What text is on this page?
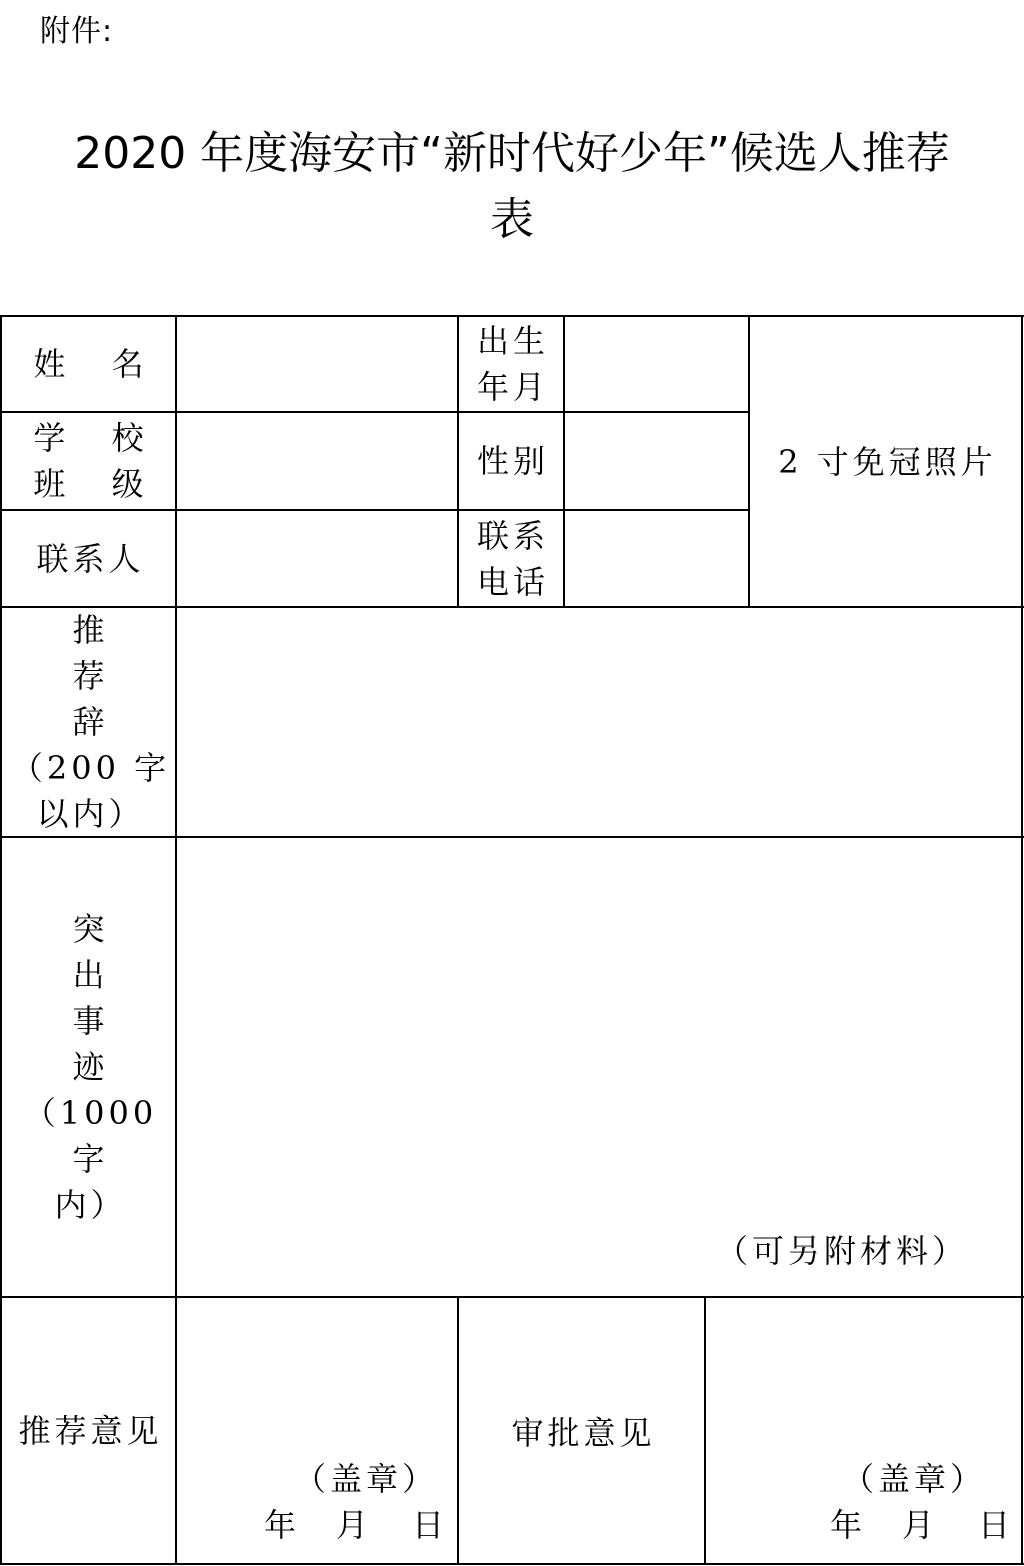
附件:
2020 年度海安市“新时代好少年”候选人推荐
表
姓 名
出生
年月
2 寸免冠照片
学 校
班 级
性别
联系人
联系
电话
推
荐
辞
（200 字
以内）
突
出
事
迹
（1000字
内）
（可另附材料）
推荐意见
（盖章）
年 月 日
审批意见
（盖章）
年 月 日
